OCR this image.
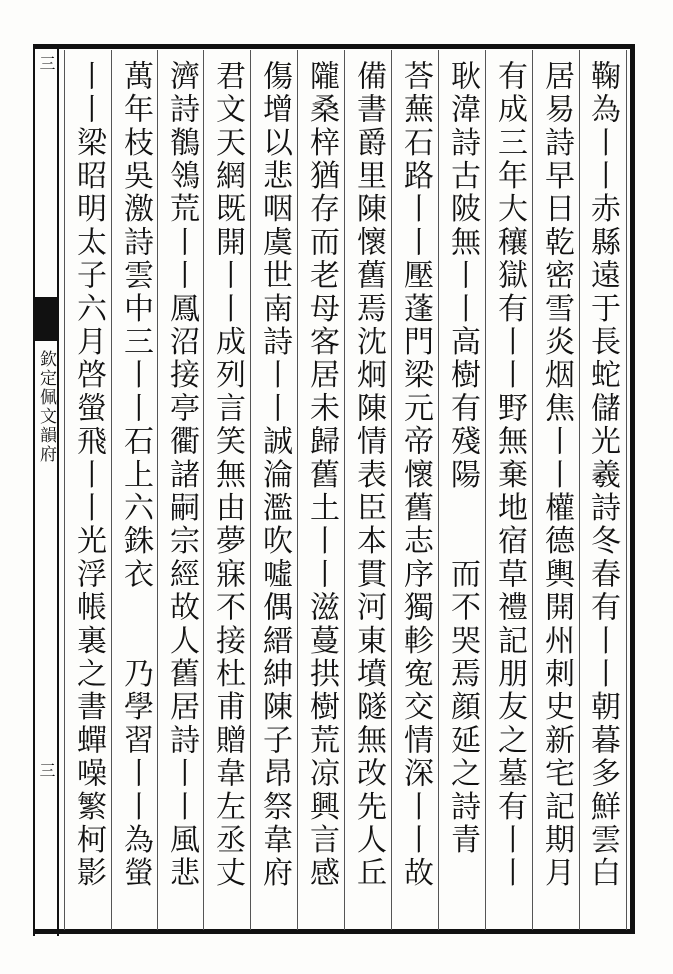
三
欽定佩文韻府
三	鞠為丨丨赤縣遠于長蛇儲光羲詩冬春有丨丨朝暮多鮮雲白
居易詩早日乾密雪炎烟焦丨丨權德輿開州刺史新宅記期月
有成三年大穰獄有丨丨野無棄地宿草禮記朋友之墓有丨丨
耿湋詩古陂無丨丨高樹有殘陽　　而不哭焉顔延之詩青
荅蕪石路丨丨壓蓬門梁元帝懷舊志序獨軫寃交情深丨丨故
備書爵里陳懷舊焉沈炯陳情表臣本貫河東墳隧無改先人丘
隴桑梓猶存而老母客居未歸舊土丨丨滋蔓拱樹荒凉興言感
傷增以悲咽虞世南詩丨丨誠淪濫吹噓偶縉紳陳子昂祭韋府
君文天網既開丨丨成列言笑無由夢寐不接杜甫贈韋左丞丈
濟詩鶺鴒荒丨丨鳳沼接亭衢諸嗣宗經故人舊居詩丨丨風悲
萬年枝吳激詩雲中三丨丨石上六銖衣　　乃學習丨丨為螢
丨丨梁昭明太子六月啓螢飛丨丨光浮帳裏之書蟬噪繁柯影
